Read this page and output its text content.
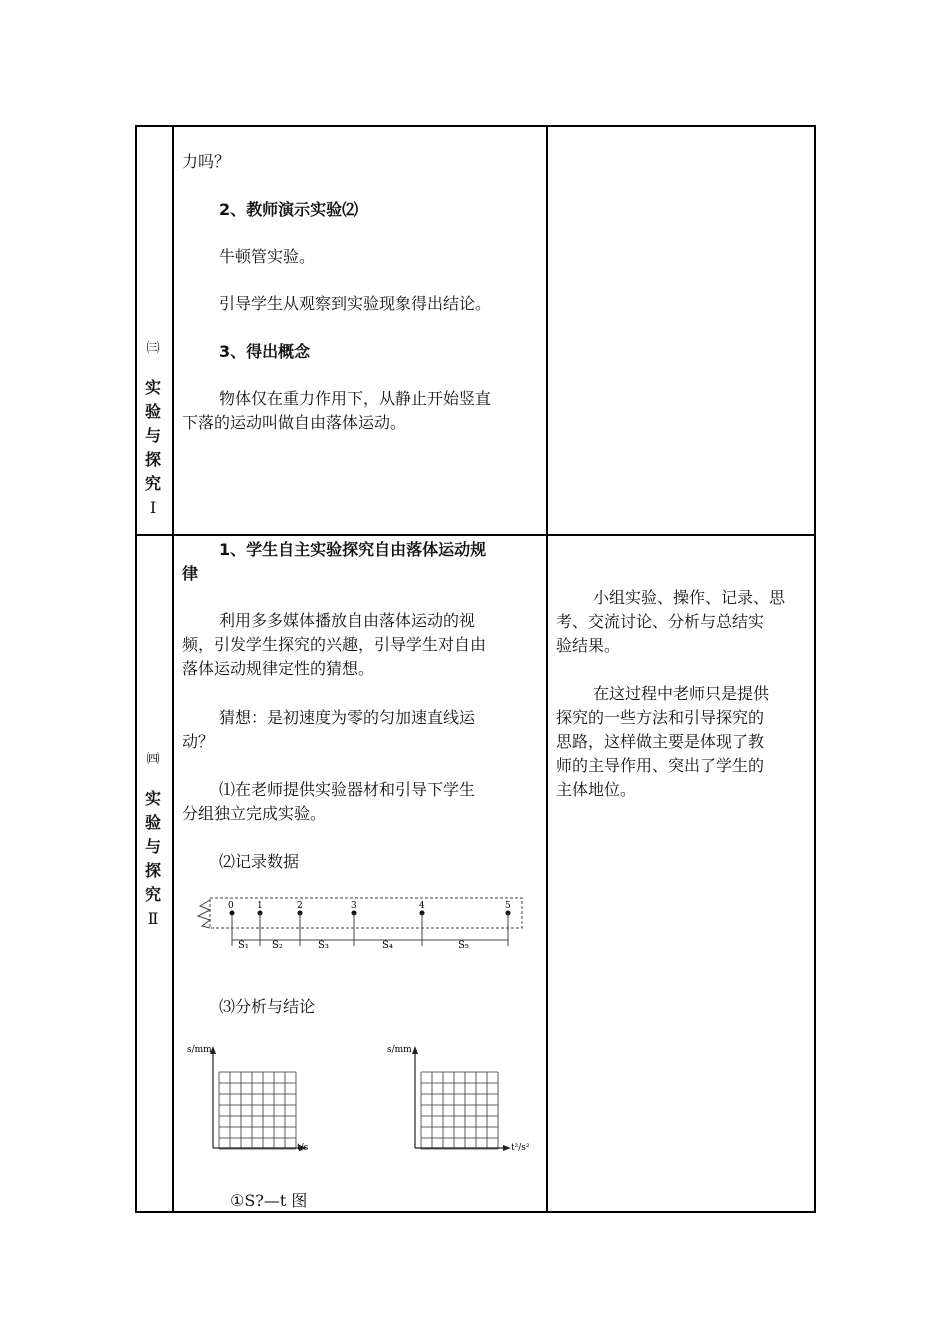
㈢
实
验
与
探
究
Ⅰ
力吗？
2、教师演示实验⑵
牛顿管实验。
引导学生从观察到实验现象得出结论。
3、得出概念
物体仅在重力作用下，从静止开始竖直
下落的运动叫做自由落体运动。
㈣
实
验
与
探
究
Ⅱ
1、学生自主实验探究自由落体运动规
律
利用多多媒体播放自由落体运动的视
频，引发学生探究的兴趣，引导学生对自由
落体运动规律定性的猜想。
猜想：是初速度为零的匀加速直线运
动？
⑴在老师提供实验器材和引导下学生
分组独立完成实验。
⑵记录数据
0	1	2	3	4	5
S₁ S₂	S₃	S₄	S₅
⑶分析与结论
s/mm
t/s
s/mm
t²/s²
①S?—t 图
小组实验、操作、记录、思
考、交流讨论、分析与总结实
验结果。
在这过程中老师只是提供
探究的一些方法和引导探究的
思路，这样做主要是体现了教
师的主导作用、突出了学生的
主体地位。
